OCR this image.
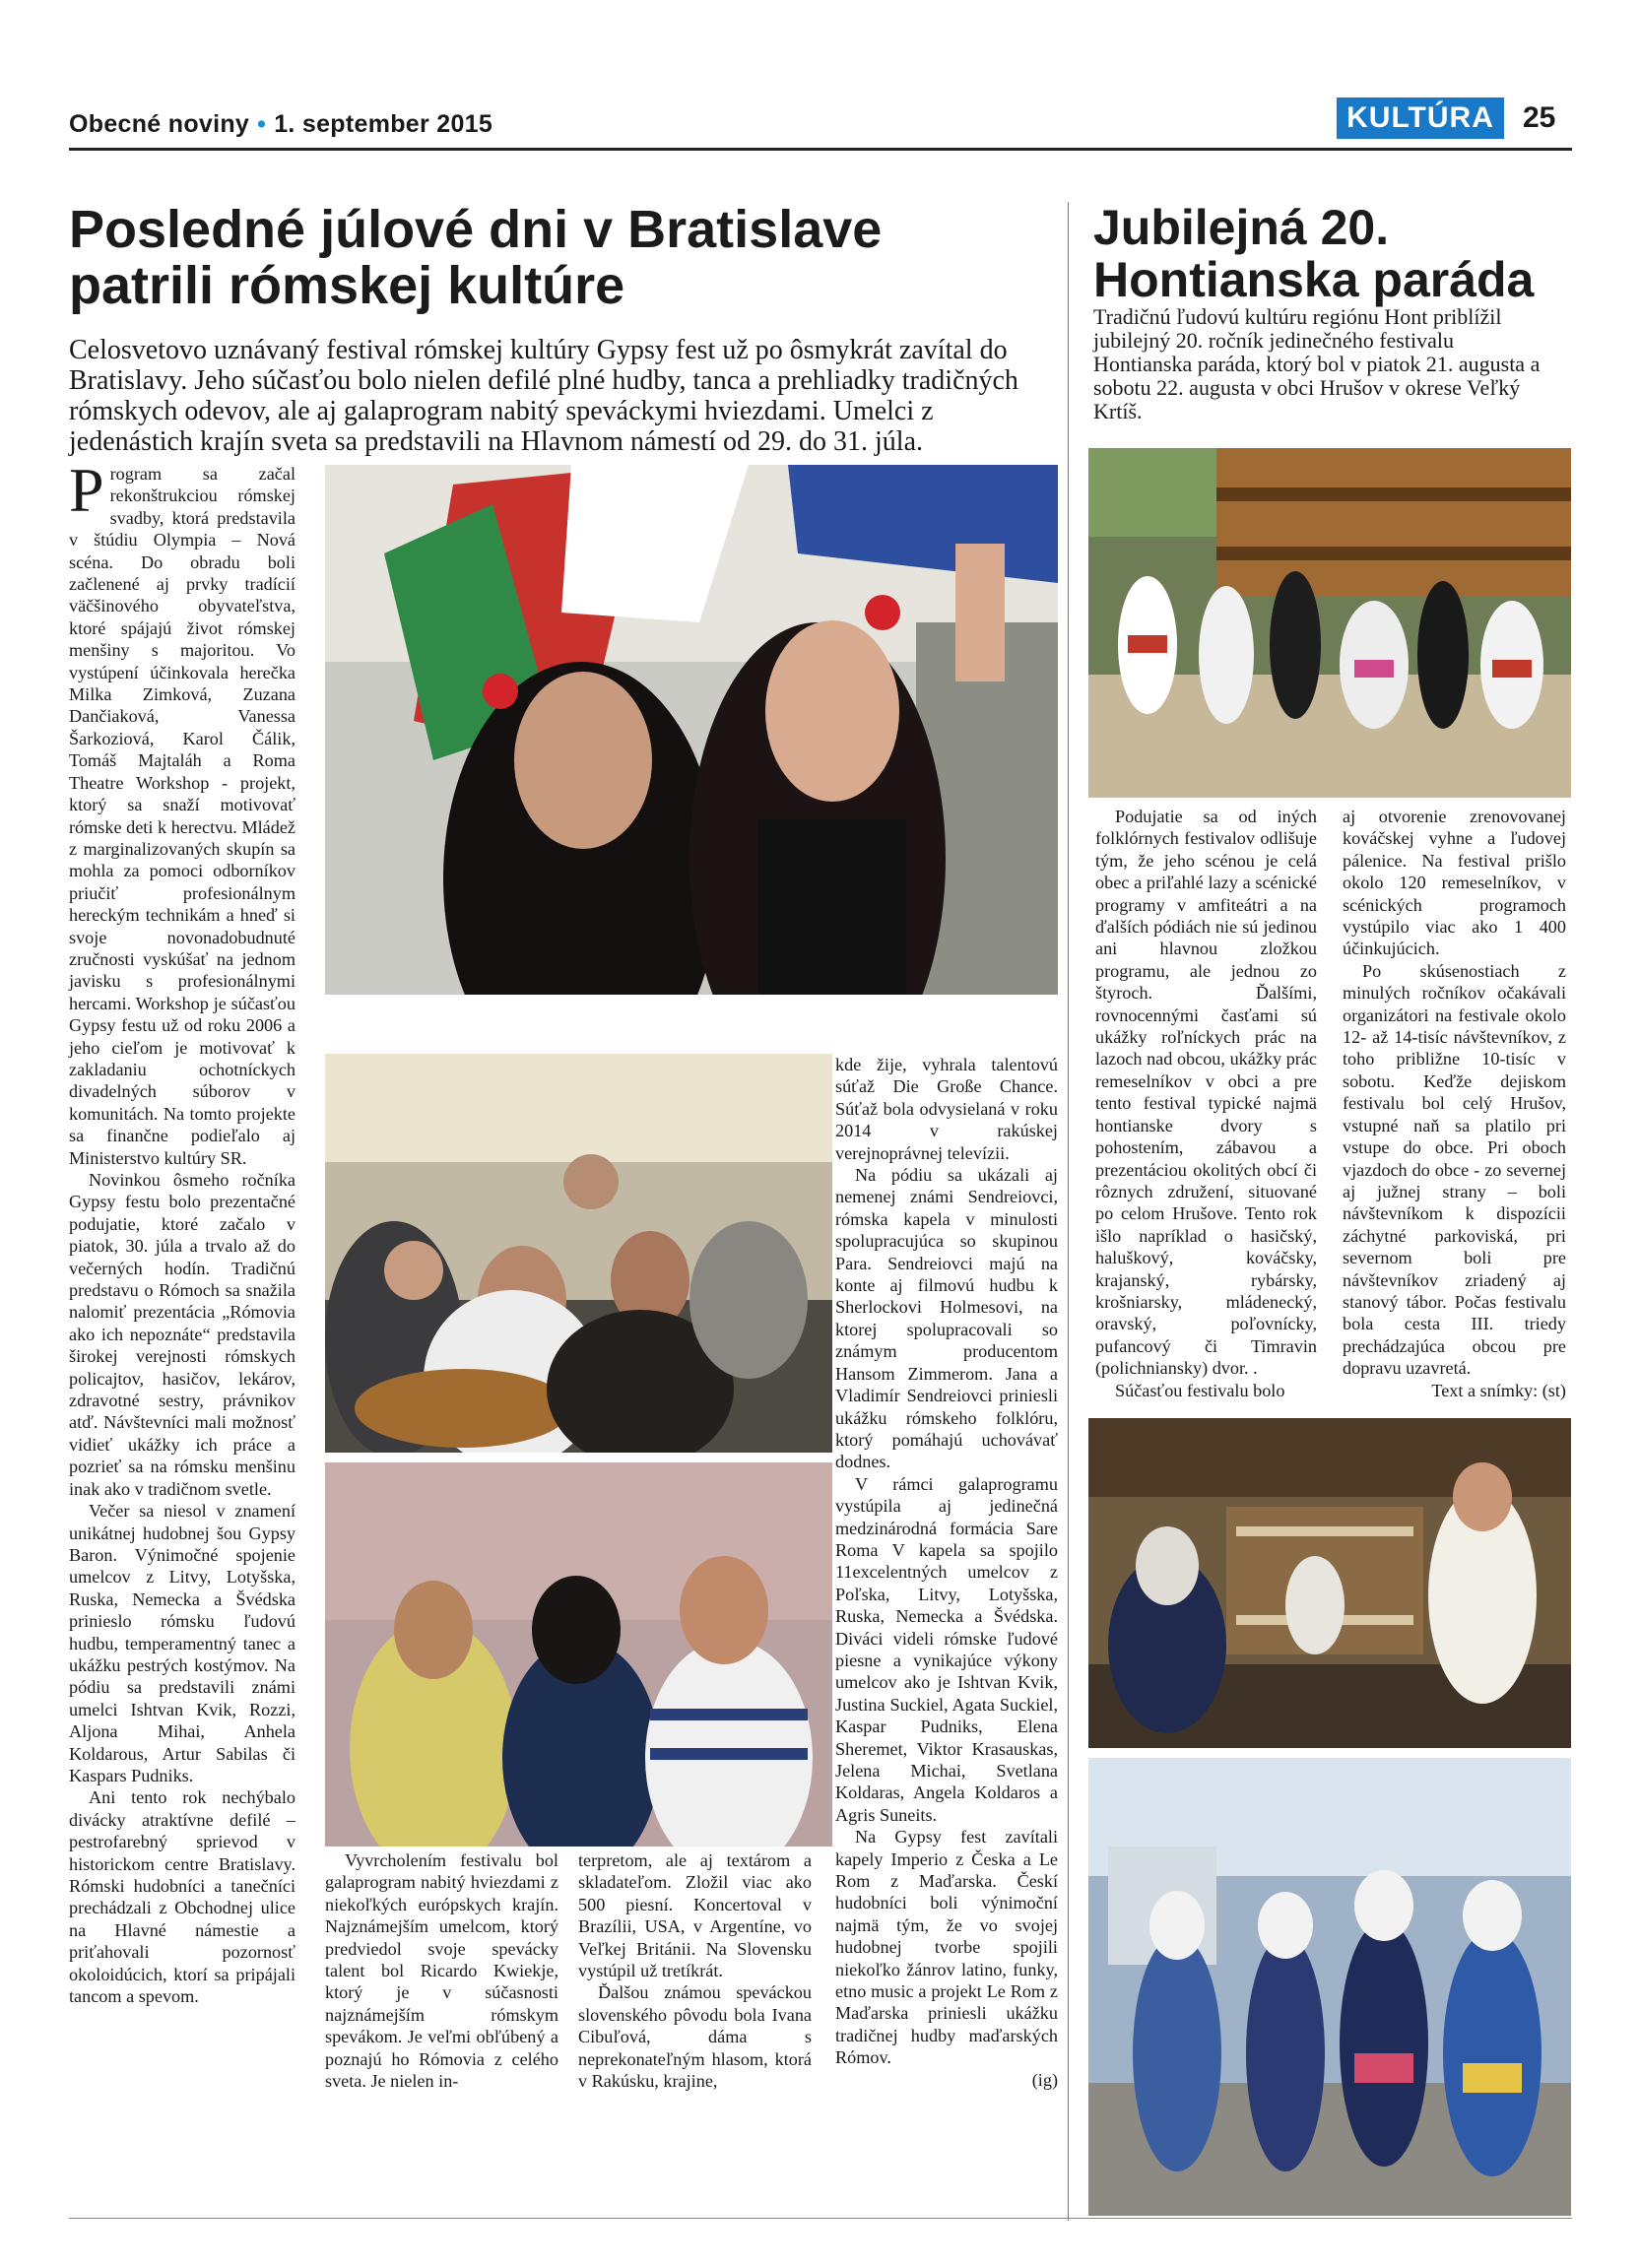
Obecné noviny • 1. september 2015	KULTÚRA 25
Posledné júlové dni v Bratislave patrili rómskej kultúre
Celosvetovo uznávaný festival rómskej kultúry Gypsy fest už po ôsmykrát zavítal do Bratislavy. Jeho súčasťou bolo nielen defilé plné hudby, tanca a prehliadky tradičných rómskych odevov, ale aj galaprogram nabitý speváckymi hviezdami. Umelci z jedenástich krajín sveta sa predstavili na Hlavnom námestí od 29. do 31. júla.

Program sa začal rekonštrukciou rómskej svadby, ktorá predstavila v štúdiu Olympia – Nová scéna. Do obradu boli začlenené aj prvky tradícií väčšinového obyvateľstva, ktoré spájajú život rómskej menšiny s majoritou. Vo vystúpení účinkovala herečka Milka Zimková, Zuzana Dančiaková, Vanessa Šarkoziová, Karol Čálik, Tomáš Majtaláh a Roma Theatre Workshop - projekt, ktorý sa snaží motivovať rómske deti k herectvu. Mládež z marginalizovaných skupín sa mohla za pomoci odborníkov priučiť profesionálnym hereckým technikám a hneď si svoje novonadobudnuté zručnosti vyskúšať na jednom javisku s profesionálnymi hercami. Workshop je súčasťou Gypsy festu už od roku 2006 a jeho cieľom je motivovať k zakladaniu ochotníckych divadelných súborov v komunitách. Na tomto projekte sa finančne podieľalo aj Ministerstvo kultúry SR.

Novinkou ôsmeho ročníka Gypsy festu bolo prezentačné podujatie, ktoré začalo v piatok, 30. júla a trvalo až do večerných hodín. Tradičnú predstavu o Rómoch sa snažila nalomiť prezentácia „Rómovia ako ich nepoznáte“ predstavila širokej verejnosti rómskych policajtov, hasičov, lekárov, zdravotné sestry, právnikov atď. Návštevníci mali možnosť vidieť ukážky ich práce a pozrieť sa na rómsku menšinu inak ako v tradičnom svetle.

Večer sa niesol v znamení unikátnej hudobnej šou Gypsy Baron. Výnimočné spojenie umelcov z Litvy, Lotyšska, Ruska, Nemecka a Švédska prinieslo rómsku ľudovú hudbu, temperamentný tanec a ukážku pestrých kostýmov. Na pódiu sa predstavili známi umelci Ishtvan Kvik, Rozzi, Aljona Mihai, Anhela Koldarous, Artur Sabilas či Kaspars Pudniks.

Ani tento rok nechýbalo divácky atraktívne defilé – pestrofarebný sprievod v historickom centre Bratislavy. Rómski hudobníci a tanečníci prechádzali z Obchodnej ulice na Hlavné námestie a priťahovali pozornosť okoloidúcich, ktorí sa pripájali tancom a spevom.

Vyvrcholením festivalu bol galaprogram nabitý hviezdami z niekoľkých európskych krajín. Najznámejším umelcom, ktorý predviedol svoje spevácky talent bol Ricardo Kwiekje, ktorý je v súčasnosti najznámejším rómskym spevákom. Je veľmi obľúbený a poznajú ho Rómovia z celého sveta. Je nielen in-

terpretom, ale aj textárom a skladateľom. Zložil viac ako 500 piesní. Koncertoval v Brazílii, USA, v Argentíne, vo Veľkej Británii. Na Slovensku vystúpil už tretíkrát.

Ďalšou známou speváckou slovenského pôvodu bola Ivana Cibuľová, dáma s neprekonateľným hlasom, ktorá v Rakúsku, krajine,

kde žije, vyhrala talentovú súťaž Die Große Chance. Súťaž bola odvysielaná v roku 2014 v rakúskej verejnoprávnej televízii.

Na pódiu sa ukázali aj nemenej známi Sendreiovci, rómska kapela v minulosti spolupracujúca so skupinou Para. Sendreiovci majú na konte aj filmovú hudbu k Sherlockovi Holmesovi, na ktorej spolupracovali so známym producentom Hansom Zimmerom. Jana a Vladimír Sendreiovci priniesli ukážku rómskeho folklóru, ktorý pomáhajú uchovávať dodnes.

V rámci galaprogramu vystúpila aj jedinečná medzinárodná formácia Sare Roma V kapela sa spojilo 11excelentných umelcov z Poľska, Litvy, Lotyšska, Ruska, Nemecka a Švédska. Diváci videli rómske ľudové piesne a vynikajúce výkony umelcov ako je Ishtvan Kvik, Justina Suckiel, Agata Suckiel, Kaspar Pudniks, Elena Sheremet, Viktor Krasauskas, Jelena Michai, Svetlana Koldaras, Angela Koldaros a Agris Suneits.

Na Gypsy fest zavítali kapely Imperio z Česka a Le Rom z Maďarska. Českí hudobníci boli výnimoční najmä tým, že vo svojej hudobnej tvorbe spojili niekoľko žánrov latino, funky, etno music a projekt Le Rom z Maďarska priniesli ukážku tradičnej hudby maďarských Rómov.

(ig)
Jubilejná 20. Hontianska paráda
Tradičnú ľudovú kultúru regiónu Hont priblížil jubilejný 20. ročník jedinečného festivalu Hontianska paráda, ktorý bol v piatok 21. augusta a sobotu 22. augusta v obci Hrušov v okrese Veľký Krtíš.

Podujatie sa od iných folklórnych festivalov odlišuje tým, že jeho scénou je celá obec a priľahlé lazy a scénické programy v amfiteátri a na ďalších pódiách nie sú jedinou ani hlavnou zložkou programu, ale jednou zo štyroch. Ďalšími, rovnocennými časťami sú ukážky roľníckych prác na lazoch nad obcou, ukážky prác remeselníkov v obci a pre tento festival typické najmä hontianske dvory s pohostením, zábavou a prezentáciou okolitých obcí či rôznych združení, situované po celom Hrušove. Tento rok išlo napríklad o hasičský, haluškový, kováčsky, krajanský, rybársky, krošniarsky, mládenecký, oravský, poľovnícky, pufancový či Timravin (polichniansky) dvor. .

Súčasťou festivalu bolo

aj otvorenie zrenovovanej kováčskej vyhne a ľudovej pálenice. Na festival prišlo okolo 120 remeselníkov, v scénických programoch vystúpilo viac ako 1 400 účinkujúcich.

Po skúsenostiach z minulých ročníkov očakávali organizátori na festivale okolo 12- až 14-tisíc návštevníkov, z toho približne 10-tisíc v sobotu. Keďže dejiskom festivalu bol celý Hrušov, vstupné naň sa platilo pri vstupe do obce. Pri oboch vjazdoch do obce - zo severnej aj južnej strany – boli návštevníkom k dispozícii záchytné parkoviská, pri severnom boli pre návštevníkov zriadený aj stanový tábor. Počas festivalu bola cesta III. triedy prechádzajúca obcou pre dopravu uzavretá.

Text a snímky: (st)
